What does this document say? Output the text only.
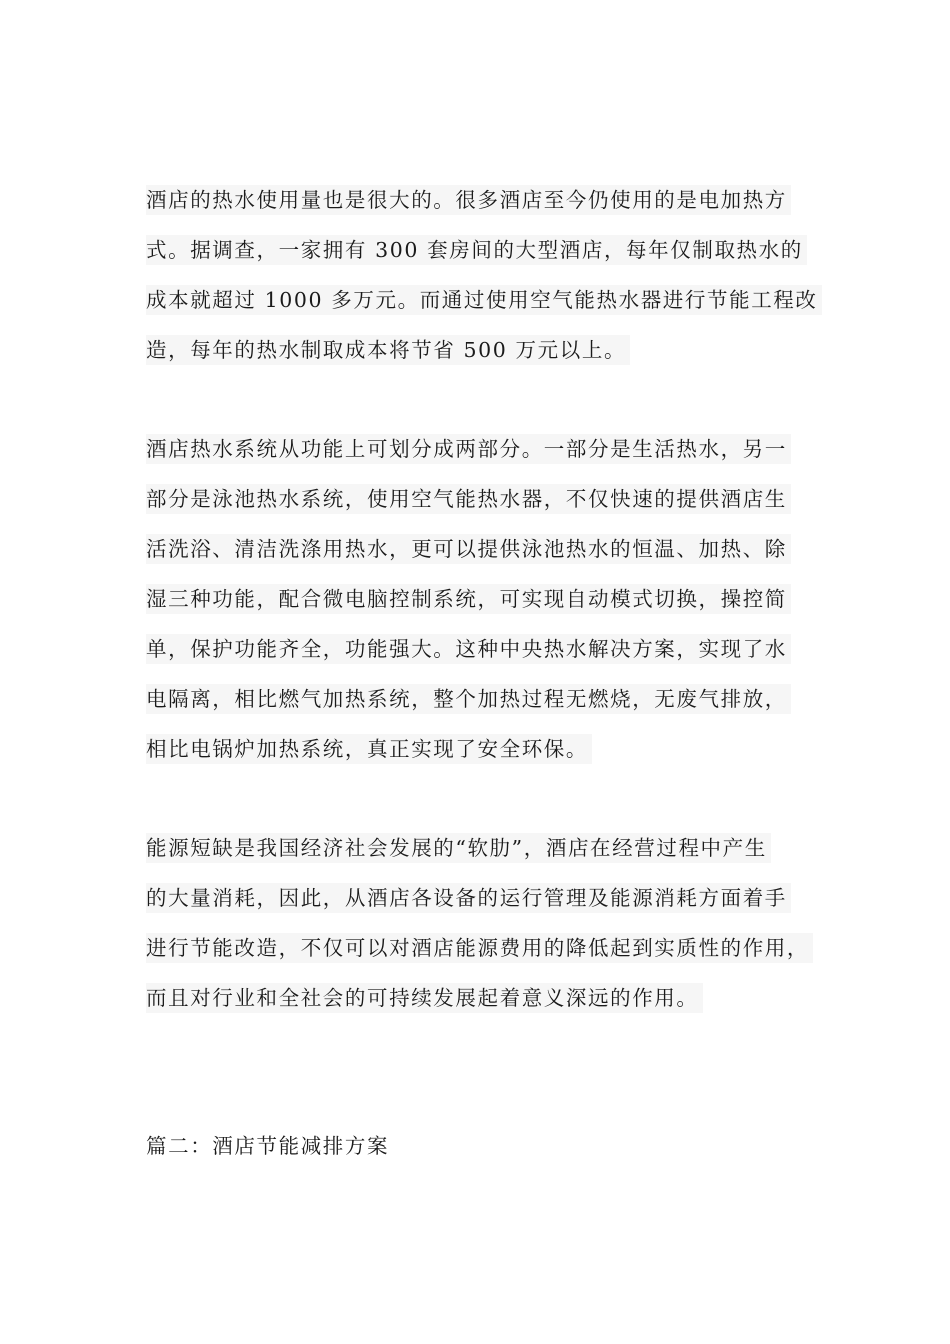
酒店的热水使用量也是很大的。很多酒店至今仍使用的是电加热方
式。据调查，一家拥有 300 套房间的大型酒店，每年仅制取热水的
成本就超过 1000 多万元。而通过使用空气能热水器进行节能工程改
造，每年的热水制取成本将节省 500 万元以上。
酒店热水系统从功能上可划分成两部分。一部分是生活热水，另一
部分是泳池热水系统，使用空气能热水器，不仅快速的提供酒店生
活洗浴、清洁洗涤用热水，更可以提供泳池热水的恒温、加热、除
湿三种功能，配合微电脑控制系统，可实现自动模式切换，操控简
单，保护功能齐全，功能强大。这种中央热水解决方案，实现了水
电隔离，相比燃气加热系统，整个加热过程无燃烧，无废气排放，
相比电锅炉加热系统，真正实现了安全环保。
能源短缺是我国经济社会发展的“软肋”，酒店在经营过程中产生
的大量消耗，因此，从酒店各设备的运行管理及能源消耗方面着手
进行节能改造，不仅可以对酒店能源费用的降低起到实质性的作用，
而且对行业和全社会的可持续发展起着意义深远的作用。
篇二：酒店节能减排方案
